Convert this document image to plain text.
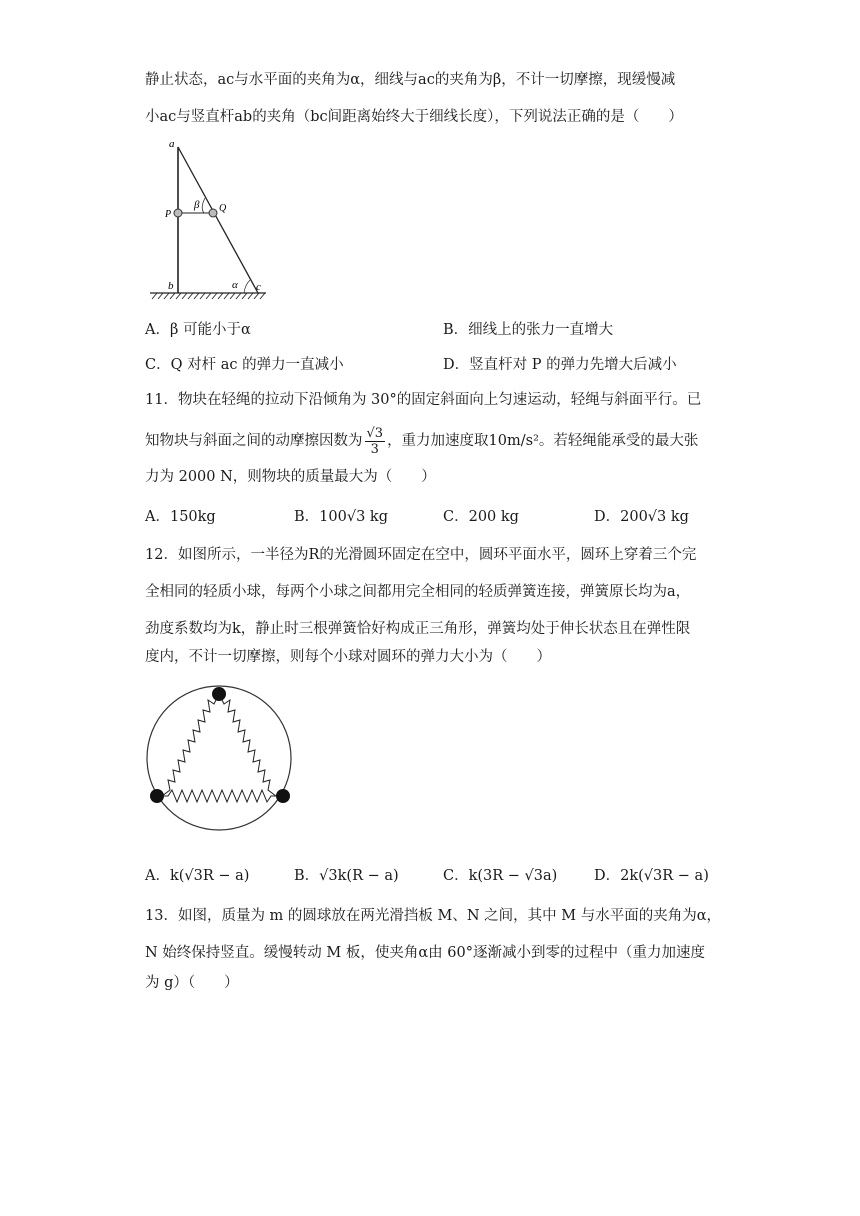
静止状态，ac与水平面的夹角为α，细线与ac的夹角为β，不计一切摩擦，现缓慢减
小ac与竖直杆ab的夹角（bc间距离始终大于细线长度），下列说法正确的是（　　）
a
b	c
P
Q
β
α
A．β 可能小于α	B．细线上的张力一直增大
C．Q 对杆 ac 的弹力一直减小	D．竖直杆对 P 的弹力先增大后减小
11．物块在轻绳的拉动下沿倾角为 30°的固定斜面向上匀速运动，轻绳与斜面平行。已
知物块与斜面之间的动摩擦因数为 $\frac{√3}{3}$ ，重力加速度取10m/s²。若轻绳能承受的最大张
力为 2000 N，则物块的质量最大为（　　）
A．150kg	B．100√3 kg	C．200 kg	D．200√3 kg
12．如图所示，一半径为R的光滑圆环固定在空中，圆环平面水平，圆环上穿着三个完
全相同的轻质小球，每两个小球之间都用完全相同的轻质弹簧连接，弹簧原长均为a，
劲度系数均为k，静止时三根弹簧恰好构成正三角形，弹簧均处于伸长状态且在弹性限
度内，不计一切摩擦，则每个小球对圆环的弹力大小为（　　）
A．k(√3R − a)	B．√3k(R − a)	C．k(3R − √3a)	D．2k(√3R − a)
13．如图，质量为 m 的圆球放在两光滑挡板 M、N 之间，其中 M 与水平面的夹角为α，
N 始终保持竖直。缓慢转动 M 板，使夹角α由 60°逐渐减小到零的过程中（重力加速度
为 g）（　　）
